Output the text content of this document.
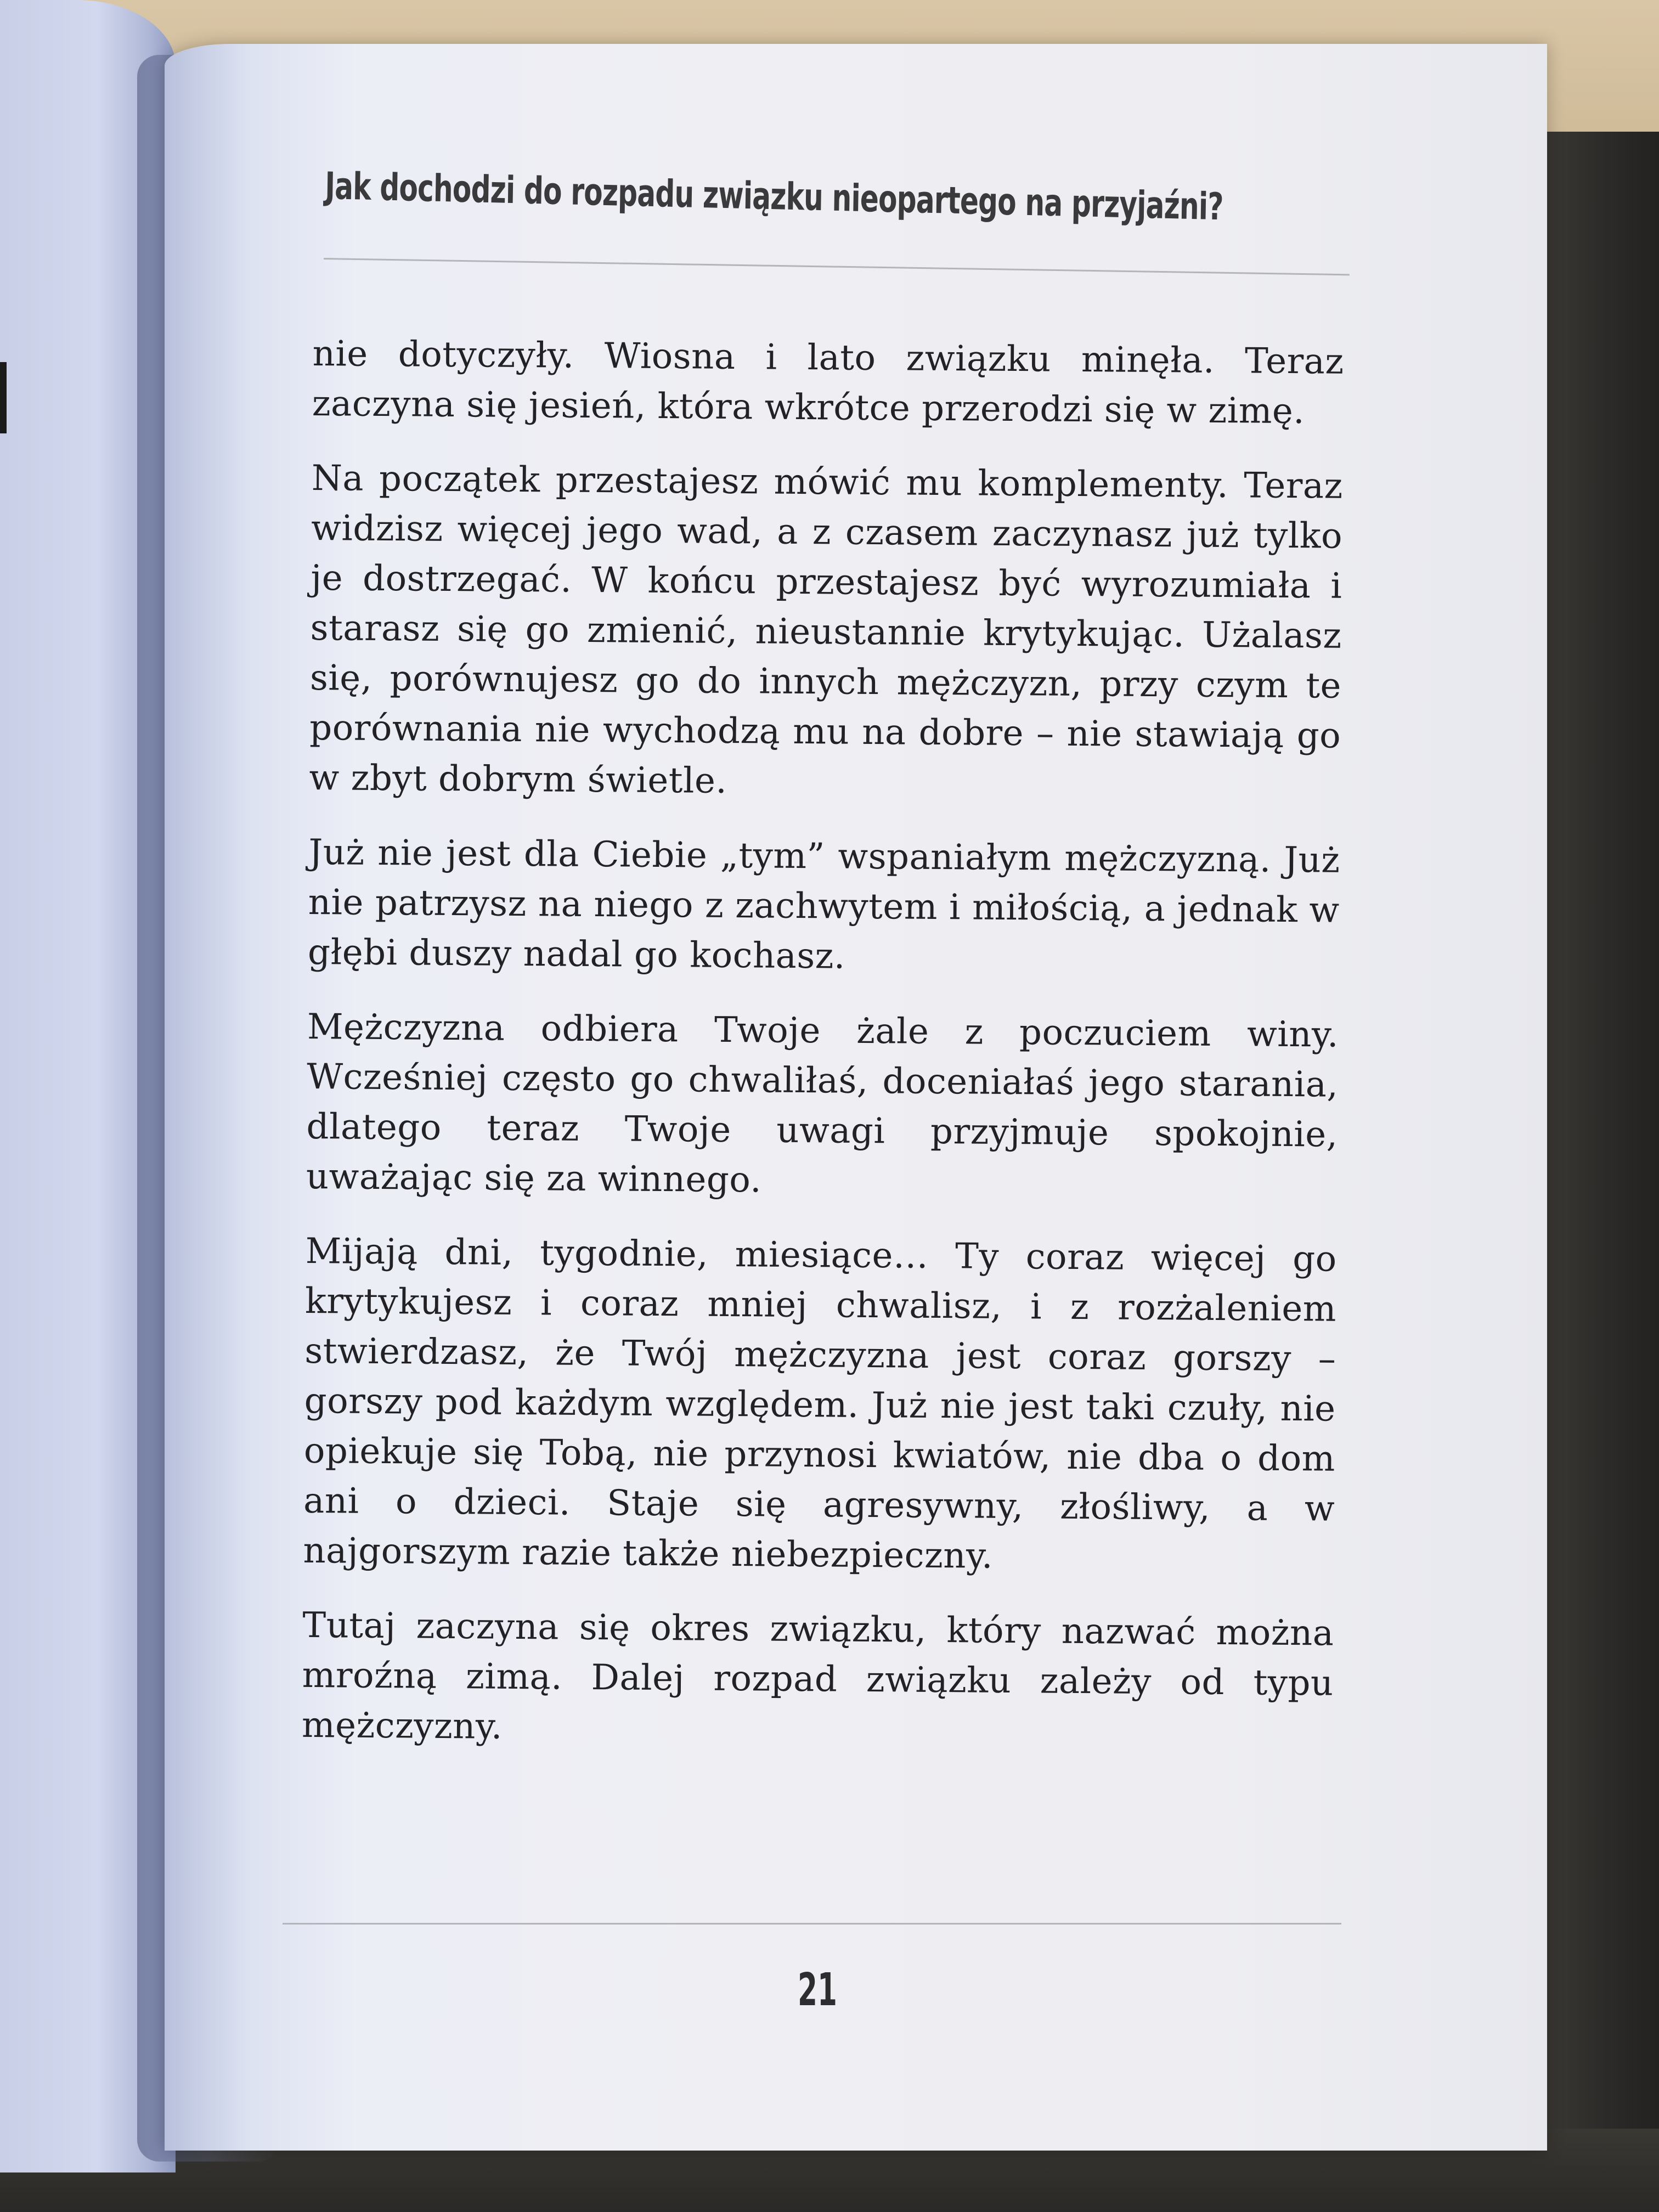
Jak dochodzi do rozpadu związku nieopartego na przyjaźni?

nie dotyczyły. Wiosna i lato związku minęła. Teraz zaczyna się jesień, która wkrótce przerodzi się w zimę.

Na początek przestajesz mówić mu komplementy. Teraz widzisz więcej jego wad, a z czasem zaczynasz już tylko je dostrzegać. W końcu przestajesz być wyrozumiała i starasz się go zmienić, nieustannie krytykując. Użalasz się, porównujesz go do innych mężczyzn, przy czym te porównania nie wychodzą mu na dobre – nie stawiają go w zbyt dobrym świetle.

Już nie jest dla Ciebie „tym” wspaniałym mężczyzną. Już nie patrzysz na niego z zachwytem i miłością, a jednak w głębi duszy nadal go kochasz.

Mężczyzna odbiera Twoje żale z poczuciem winy. Wcześniej często go chwaliłaś, doceniałaś jego starania, dlatego teraz Twoje uwagi przyjmuje spokojnie, uważając się za winnego.

Mijają dni, tygodnie, miesiące… Ty coraz więcej go krytykujesz i coraz mniej chwalisz, i z rozżaleniem stwierdzasz, że Twój mężczyzna jest coraz gorszy – gorszy pod każdym względem. Już nie jest taki czuły, nie opiekuje się Tobą, nie przynosi kwiatów, nie dba o dom ani o dzieci. Staje się agresywny, złośliwy, a w najgorszym razie także niebezpieczny.

Tutaj zaczyna się okres związku, który nazwać można mroźną zimą. Dalej rozpad związku zależy od typu mężczyzny.

21
